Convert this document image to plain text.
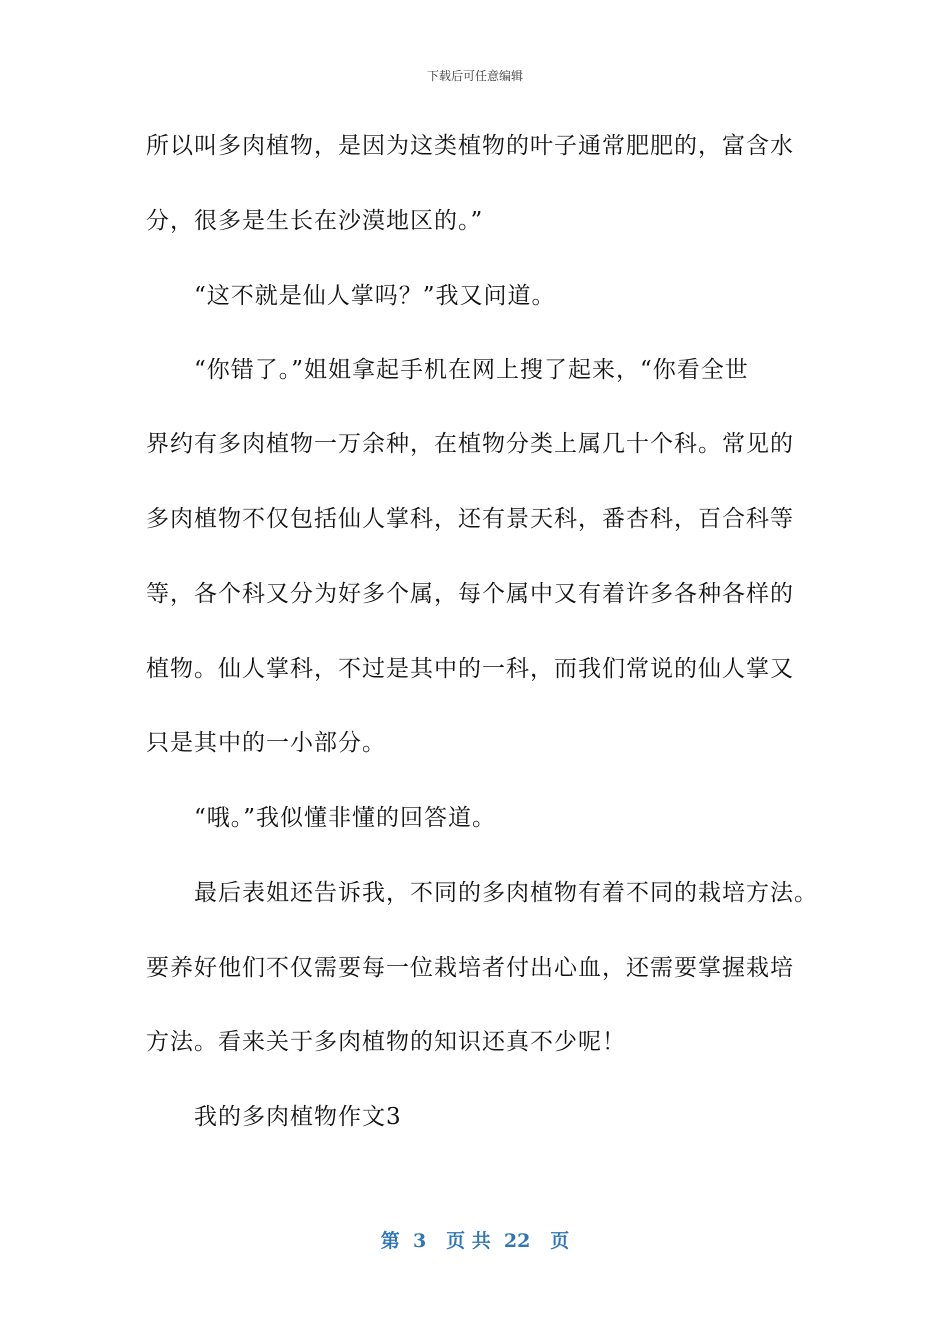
下载后可任意编辑
所以叫多肉植物，是因为这类植物的叶子通常肥肥的，富含水
分，很多是生长在沙漠地区的。”
　　“这不就是仙人掌吗？”我又问道。
　　“你错了。”姐姐拿起手机在网上搜了起来，“你看全世
界约有多肉植物一万余种，在植物分类上属几十个科。常见的
多肉植物不仅包括仙人掌科，还有景天科，番杏科，百合科等
等，各个科又分为好多个属，每个属中又有着许多各种各样的
植物。仙人掌科，不过是其中的一科，而我们常说的仙人掌又
只是其中的一小部分。
　　“哦。”我似懂非懂的回答道。
　　最后表姐还告诉我，不同的多肉植物有着不同的栽培方法。
要养好他们不仅需要每一位栽培者付出心血，还需要掌握栽培
方法。看来关于多肉植物的知识还真不少呢！
　　我的多肉植物作文3
第  3   页 共  22   页
